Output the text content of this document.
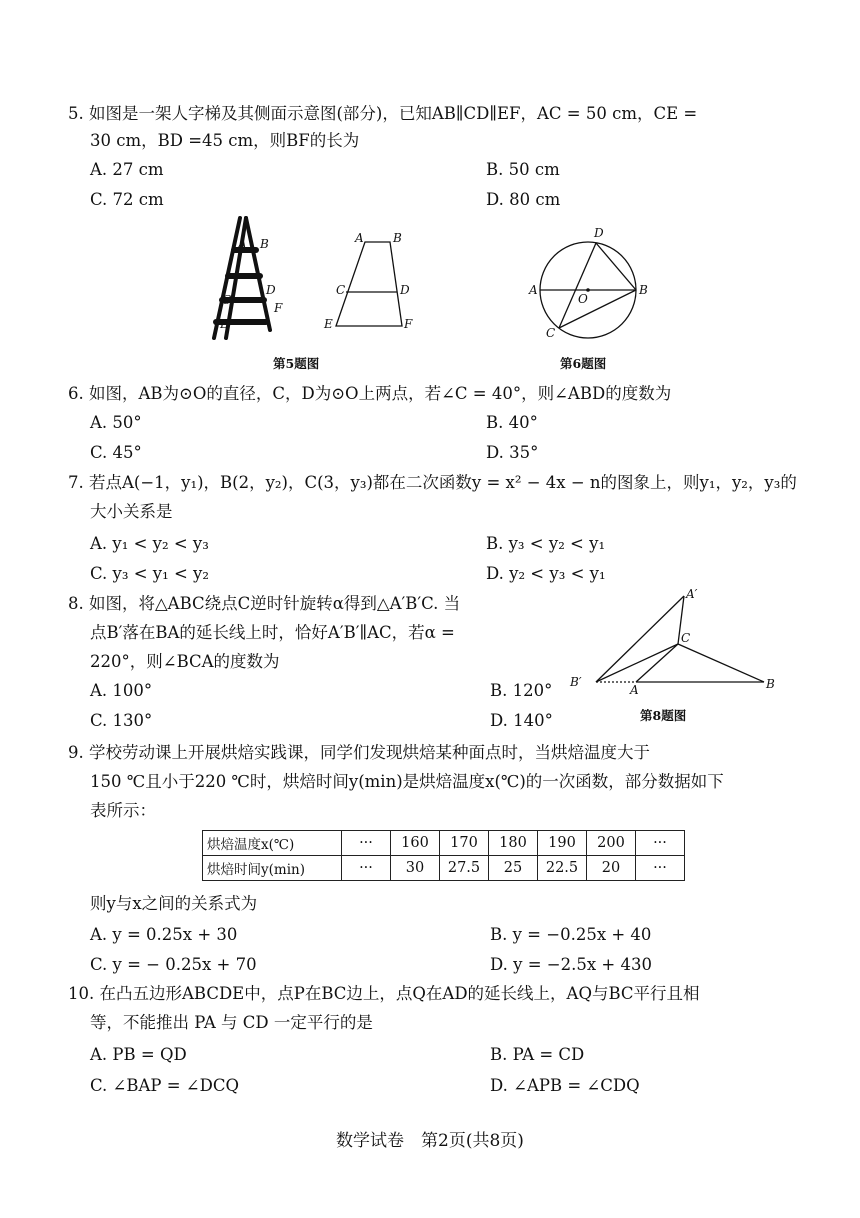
5. 如图是一架人字梯及其侧面示意图(部分)，已知AB∥CD∥EF，AC = 50 cm，CE =
30 cm，BD =45 cm，则BF的长为
A. 27 cm	B. 50 cm
C. 72 cm	D. 80 cm
A B
C
D
E
F
A B
C	D
E	F
第5题图
A	B
C
D
O
第6题图
6. 如图，AB为⊙O的直径，C，D为⊙O上两点，若∠C = 40°，则∠ABD的度数为
A. 50°	B. 40°
C. 45°	D. 35°
7. 若点A(−1，y₁)，B(2，y₂)，C(3，y₃)都在二次函数y = x² − 4x − n的图象上，则y₁，y₂，y₃的
大小关系是
A. y₁ < y₂ < y₃	B. y₃ < y₂ < y₁
C. y₃ < y₁ < y₂	D. y₂ < y₃ < y₁
8. 如图，将△ABC绕点C逆时针旋转α得到△A′B′C. 当
点B′落在BA的延长线上时，恰好A′B′∥AC，若α =
220°，则∠BCA的度数为
A. 100°	B. 120°
C. 130°	D. 140°
A′
B′
A	B
C
第8题图
9. 学校劳动课上开展烘焙实践课，同学们发现烘焙某种面点时，当烘焙温度大于
150 ℃且小于220 ℃时，烘焙时间y(min)是烘焙温度x(℃)的一次函数，部分数据如下
表所示：
烘焙温度x(℃)	···	160	170	180	190	200	···
烘焙时间y(min)	···	30	27.5	25	22.5	20	···
则y与x之间的关系式为
A. y = 0.25x + 30	B. y = −0.25x + 40
C. y = − 0.25x + 70	D. y = −2.5x + 430
10. 在凸五边形ABCDE中，点P在BC边上，点Q在AD的延长线上，AQ与BC平行且相
等，不能推出 PA 与 CD 一定平行的是
A. PB = QD	B. PA = CD
C. ∠BAP = ∠DCQ	D. ∠APB = ∠CDQ
数学试卷　第2页(共8页)
